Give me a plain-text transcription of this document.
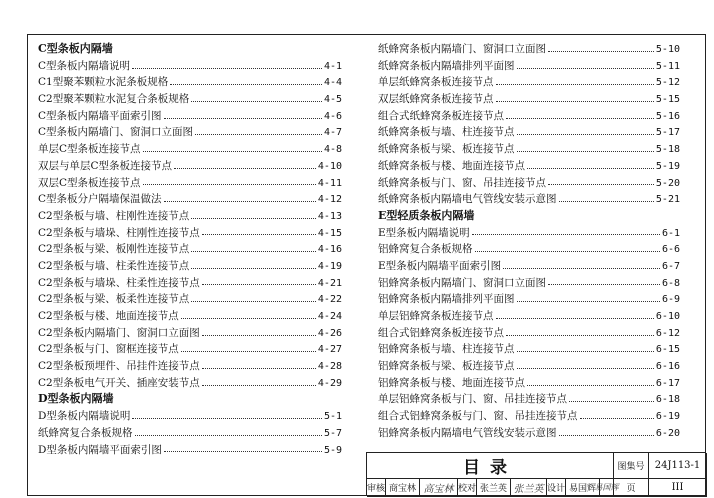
C型条板内隔墙
C型条板内隔墙说明	4-1
C1型聚苯颗粒水泥条板规格	4-4
C2型聚苯颗粒水泥复合条板规格	4-5
C型条板内隔墙平面索引图	4-6
C型条板内隔墙门、窗洞口立面图	4-7
单层C型条板连接节点	4-8
双层与单层C型条板连接节点	4-10
双层C型条板连接节点	4-11
C型条板分户隔墙保温做法	4-12
C2型条板与墙、柱刚性连接节点	4-13
C2型条板与墙垛、柱刚性连接节点	4-15
C2型条板与梁、板刚性连接节点	4-16
C2型条板与墙、柱柔性连接节点	4-19
C2型条板与墙垛、柱柔性连接节点	4-21
C2型条板与梁、板柔性连接节点	4-22
C2型条板与楼、地面连接节点	4-24
C2型条板内隔墙门、窗洞口立面图	4-26
C2型条板与门、窗框连接节点	4-27
C2型条板预埋件、吊挂件连接节点	4-28
C2型条板电气开关、插座安装节点	4-29
D型条板内隔墙
D型条板内隔墙说明	5-1
纸蜂窝复合条板规格	5-7
D型条板内隔墙平面索引图	5-9
纸蜂窝条板内隔墙门、窗洞口立面图	5-10
纸蜂窝条板内隔墙排列平面图	5-11
单层纸蜂窝条板连接节点	5-12
双层纸蜂窝条板连接节点	5-15
组合式纸蜂窝条板连接节点	5-16
纸蜂窝条板与墙、柱连接节点	5-17
纸蜂窝条板与梁、板连接节点	5-18
纸蜂窝条板与楼、地面连接节点	5-19
纸蜂窝条板与门、窗、吊挂连接节点	5-20
纸蜂窝条板内隔墙电气管线安装示意图	5-21
E型轻质条板内隔墙
E型条板内隔墙说明	6-1
铝蜂窝复合条板规格	6-6
E型条板内隔墙平面索引图	6-7
铝蜂窝条板内隔墙门、窗洞口立面图	6-8
铝蜂窝条板内隔墙排列平面图	6-9
单层铝蜂窝条板连接节点	6-10
组合式铝蜂窝条板连接节点	6-12
铝蜂窝条板与墙、柱连接节点	6-15
铝蜂窝条板与梁、板连接节点	6-16
铝蜂窝条板与楼、地面连接节点	6-17
单层铝蜂窝条板与门、窗、吊挂连接节点	6-18
组合式铝蜂窝条板与门、窗、吊挂连接节点	6-19
铝蜂窝条板内隔墙电气管线安装示意图	6-20
目录	图集号	24J113-1
审核 商宝林 高宝林 校对 张兰英 张兰英 设计 易国辉
易国辉 页	III
